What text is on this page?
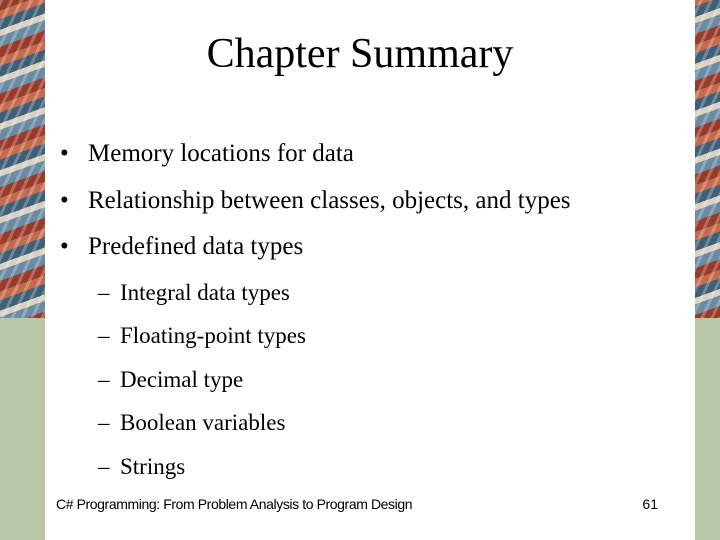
Chapter Summary
• Memory locations for data
• Relationship between classes, objects, and types
• Predefined data types
– Integral data types
– Floating-point types
– Decimal type
– Boolean variables
– Strings
C# Programming: From Problem Analysis to Program Design	61
